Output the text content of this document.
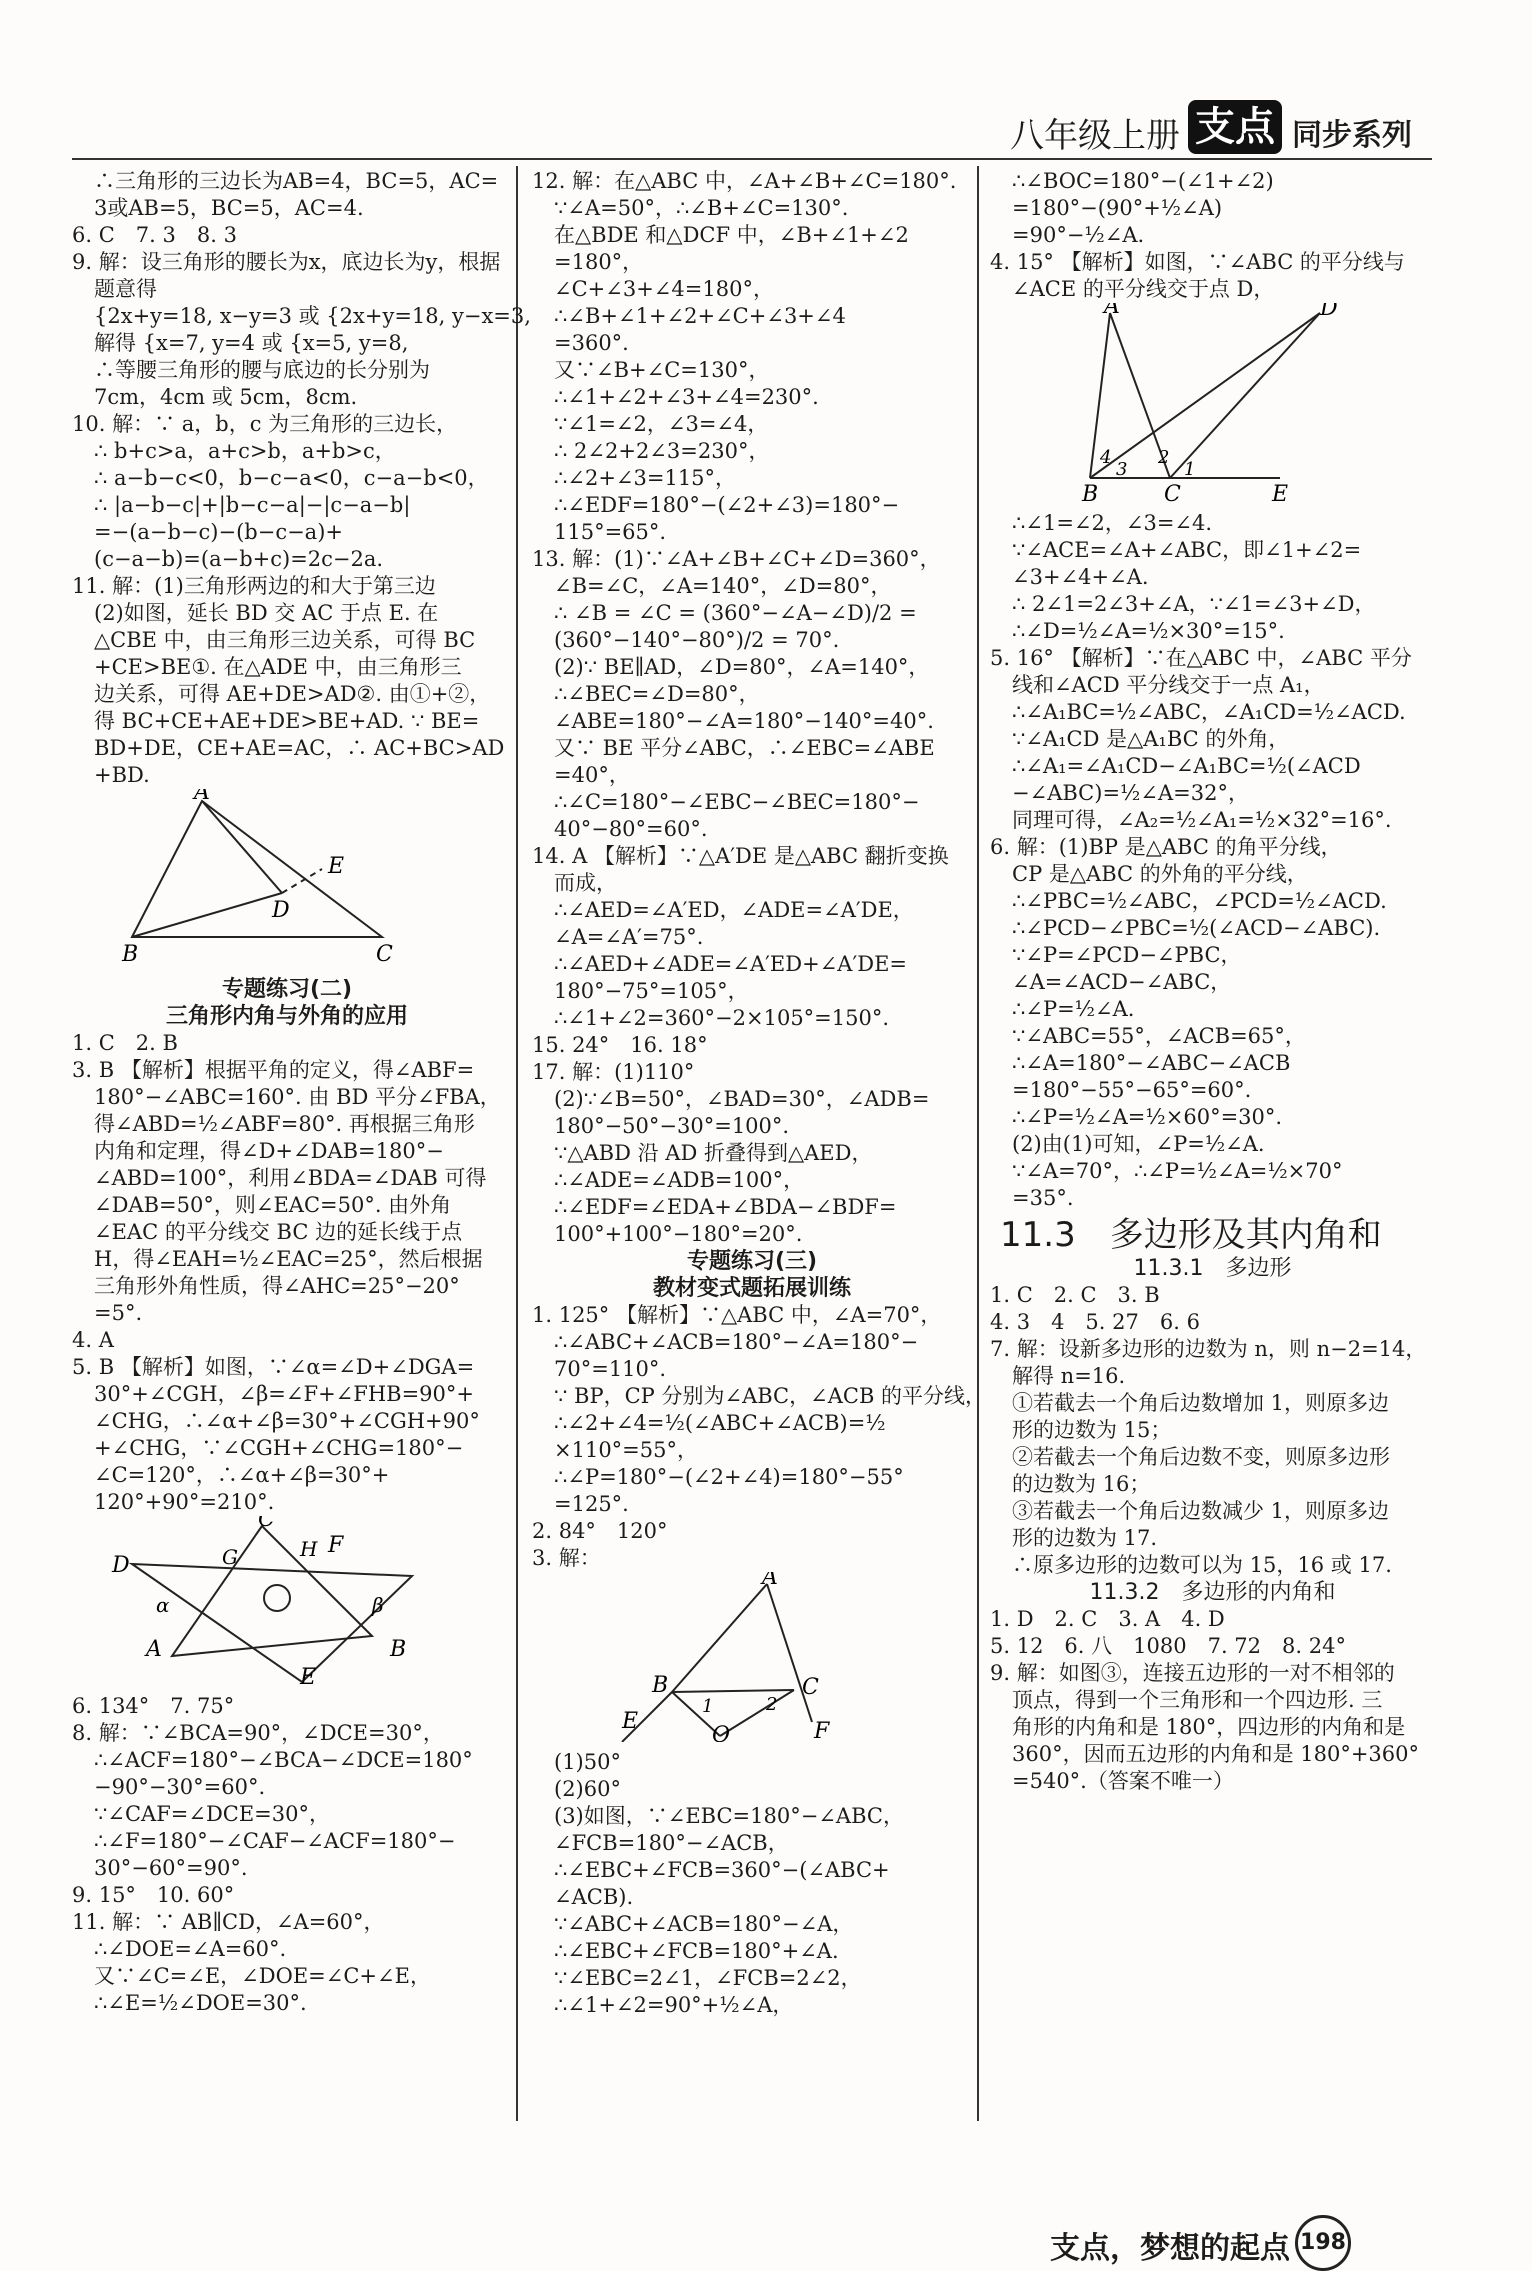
八年级上册 支点 同步系列
∴三角形的三边长为AB=4，BC=5，AC=
3或AB=5，BC=5，AC=4.
6. C　7. 3　8. 3
9. 解：设三角形的腰长为x，底边长为y，根据
题意得
{2x+y=18, x−y=3 或 {2x+y=18, y−x=3,
解得 {x=7, y=4 或 {x=5, y=8,
∴等腰三角形的腰与底边的长分别为
7cm，4cm 或 5cm，8cm.
10. 解：∵ a，b，c 为三角形的三边长，
∴ b+c>a，a+c>b，a+b>c，
∴ a−b−c<0，b−c−a<0，c−a−b<0，
∴ |a−b−c|+|b−c−a|−|c−a−b|
=−(a−b−c)−(b−c−a)+
(c−a−b)=(a−b+c)=2c−2a.
11. 解：(1)三角形两边的和大于第三边
(2)如图，延长 BD 交 AC 于点 E. 在
△CBE 中，由三角形三边关系，可得 BC
+CE>BE①. 在△ADE 中，由三角形三
边关系，可得 AE+DE>AD②. 由①+②，
得 BC+CE+AE+DE>BE+AD. ∵ BE=
BD+DE，CE+AE=AC，∴ AC+BC>AD
+BD.
A
E
D
B	C
专题练习(二)
三角形内角与外角的应用
1. C　2. B
3. B 【解析】根据平角的定义，得∠ABF=
180°−∠ABC=160°. 由 BD 平分∠FBA，
得∠ABD=½∠ABF=80°. 再根据三角形
内角和定理，得∠D+∠DAB=180°−
∠ABD=100°，利用∠BDA=∠DAB 可得
∠DAB=50°，则∠EAC=50°. 由外角
∠EAC 的平分线交 BC 边的延长线于点
H，得∠EAH=½∠EAC=25°，然后根据
三角形外角性质，得∠AHC=25°−20°
=5°.
4. A
5. B 【解析】如图，∵∠α=∠D+∠DGA=
30°+∠CGH，∠β=∠F+∠FHB=90°+
∠CHG，∴∠α+∠β=30°+∠CGH+90°
+∠CHG，∵∠CGH+∠CHG=180°−
∠C=120°，∴∠α+∠β=30°+
120°+90°=210°.
C
G	H F
D
α	β
A	B
E
6. 134°　7. 75°
8. 解：∵∠BCA=90°，∠DCE=30°，
∴∠ACF=180°−∠BCA−∠DCE=180°
−90°−30°=60°.
∵∠CAF=∠DCE=30°，
∴∠F=180°−∠CAF−∠ACF=180°−
30°−60°=90°.
9. 15°　10. 60°
11. 解：∵ AB∥CD，∠A=60°，
∴∠DOE=∠A=60°.
又∵∠C=∠E，∠DOE=∠C+∠E，
∴∠E=½∠DOE=30°.
12. 解：在△ABC 中，∠A+∠B+∠C=180°.
∵∠A=50°，∴∠B+∠C=130°.
在△BDE 和△DCF 中，∠B+∠1+∠2
=180°，
∠C+∠3+∠4=180°，
∴∠B+∠1+∠2+∠C+∠3+∠4
=360°.
又∵∠B+∠C=130°，
∴∠1+∠2+∠3+∠4=230°.
∵∠1=∠2，∠3=∠4，
∴ 2∠2+2∠3=230°，
∴∠2+∠3=115°，
∴∠EDF=180°−(∠2+∠3)=180°−
115°=65°.
13. 解：(1)∵∠A+∠B+∠C+∠D=360°，
∠B=∠C，∠A=140°，∠D=80°，
∴ ∠B = ∠C = (360°−∠A−∠D)/2 =
(360°−140°−80°)/2 = 70°.
(2)∵ BE∥AD，∠D=80°，∠A=140°，
∴∠BEC=∠D=80°，
∠ABE=180°−∠A=180°−140°=40°.
又∵ BE 平分∠ABC，∴∠EBC=∠ABE
=40°，
∴∠C=180°−∠EBC−∠BEC=180°−
40°−80°=60°.
14. A 【解析】∵△A′DE 是△ABC 翻折变换
而成，
∴∠AED=∠A′ED，∠ADE=∠A′DE，
∠A=∠A′=75°.
∴∠AED+∠ADE=∠A′ED+∠A′DE=
180°−75°=105°，
∴∠1+∠2=360°−2×105°=150°.
15. 24°　16. 18°
17. 解：(1)110°
(2)∵∠B=50°，∠BAD=30°，∠ADB=
180°−50°−30°=100°.
∵△ABD 沿 AD 折叠得到△AED，
∴∠ADE=∠ADB=100°，
∴∠EDF=∠EDA+∠BDA−∠BDF=
100°+100°−180°=20°.
专题练习(三)
教材变式题拓展训练
1. 125° 【解析】∵△ABC 中，∠A=70°，
∴∠ABC+∠ACB=180°−∠A=180°−
70°=110°.
∵ BP，CP 分别为∠ABC，∠ACB 的平分线，
∴∠2+∠4=½(∠ABC+∠ACB)=½
×110°=55°，
∴∠P=180°−(∠2+∠4)=180°−55°
=125°.
2. 84°　120°
3. 解：
A
B	C
1	2
E
O	F
(1)50°
(2)60°
(3)如图，∵∠EBC=180°−∠ABC，
∠FCB=180°−∠ACB，
∴∠EBC+∠FCB=360°−(∠ABC+
∠ACB).
∵∠ABC+∠ACB=180°−∠A，
∴∠EBC+∠FCB=180°+∠A.
∵∠EBC=2∠1，∠FCB=2∠2，
∴∠1+∠2=90°+½∠A，
∴∠BOC=180°−(∠1+∠2)
=180°−(90°+½∠A)
=90°−½∠A.
4. 15° 【解析】如图，∵∠ABC 的平分线与
∠ACE 的平分线交于点 D，
A	D
4
3
2
1
B	C	E
∴∠1=∠2，∠3=∠4.
∵∠ACE=∠A+∠ABC，即∠1+∠2=
∠3+∠4+∠A.
∴ 2∠1=2∠3+∠A，∵∠1=∠3+∠D，
∴∠D=½∠A=½×30°=15°.
5. 16° 【解析】∵在△ABC 中，∠ABC 平分
线和∠ACD 平分线交于一点 A₁，
∴∠A₁BC=½∠ABC，∠A₁CD=½∠ACD.
∵∠A₁CD 是△A₁BC 的外角，
∴∠A₁=∠A₁CD−∠A₁BC=½(∠ACD
−∠ABC)=½∠A=32°，
同理可得，∠A₂=½∠A₁=½×32°=16°.
6. 解：(1)BP 是△ABC 的角平分线，
CP 是△ABC 的外角的平分线，
∴∠PBC=½∠ABC，∠PCD=½∠ACD.
∴∠PCD−∠PBC=½(∠ACD−∠ABC).
∵∠P=∠PCD−∠PBC，
∠A=∠ACD−∠ABC，
∴∠P=½∠A.
∵∠ABC=55°，∠ACB=65°，
∴∠A=180°−∠ABC−∠ACB
=180°−55°−65°=60°.
∴∠P=½∠A=½×60°=30°.
(2)由(1)可知，∠P=½∠A.
∵∠A=70°，∴∠P=½∠A=½×70°
=35°.
11.3　多边形及其内角和
11.3.1　多边形
1. C　2. C　3. B
4. 3　4　5. 27　6. 6
7. 解：设新多边形的边数为 n，则 n−2=14，
解得 n=16.
①若截去一个角后边数增加 1，则原多边
形的边数为 15；
②若截去一个角后边数不变，则原多边形
的边数为 16；
③若截去一个角后边数减少 1，则原多边
形的边数为 17.
∴原多边形的边数可以为 15，16 或 17.
11.3.2　多边形的内角和
1. D　2. C　3. A　4. D
5. 12　6. 八　1080　7. 72　8. 24°
9. 解：如图③，连接五边形的一对不相邻的
顶点，得到一个三角形和一个四边形. 三
角形的内角和是 180°，四边形的内角和是
360°，因而五边形的内角和是 180°+360°
=540°.（答案不唯一）
支点，梦想的起点 198
